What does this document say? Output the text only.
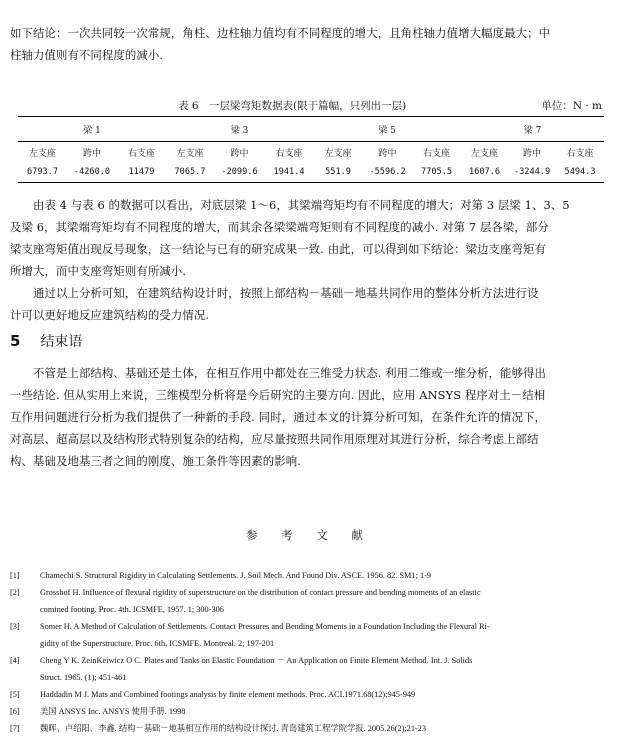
如下结论：一次共同较一次常规，角柱、边柱轴力值均有不同程度的增大，且角柱轴力值增大幅度最大；中
柱轴力值则有不同程度的减小.

表 6　一层梁弯矩数据表(限于篇幅，只列出一层)	单位：N · m
梁 1			梁 3			梁 5			梁 7		
左支座	跨中	右支座	左支座	跨中	右支座	左支座	跨中	右支座	左支座	跨中	右支座
6793.7	-4260.0	11479	7065.7	-2099.6	1941.4	551.9	-5596.2	7705.5	1607.6	-3244.9	5494.3

　　由表 4 与表 6 的数据可以看出，对底层梁 1～6，其梁端弯矩均有不同程度的增大；对第 3 层梁 1、3、5
及梁 6，其梁端弯矩均有不同程度的增大，而其余各梁梁端弯矩则有不同程度的减小. 对第 7 层各梁，部分
梁支座弯矩值出现反号现象，这一结论与已有的研究成果一致. 由此，可以得到如下结论：梁边支座弯矩有
所增大，而中支座弯矩则有所减小.
　　通过以上分析可知，在建筑结构设计时，按照上部结构－基础－地基共同作用的整体分析方法进行设
计可以更好地反应建筑结构的受力情况.

5 结束语

　　不管是上部结构、基础还是土体，在相互作用中都处在三维受力状态. 利用二维或一维分析，能够得出
一些结论. 但从实用上来说，三维模型分析将是今后研究的主要方向. 因此，应用 ANSYS 程序对土－结相
互作用问题进行分析为我们提供了一种新的手段. 同时，通过本文的计算分析可知，在条件允许的情况下，
对高层、超高层以及结构形式特别复杂的结构，应尽量按照共同作用原理对其进行分析，综合考虑上部结
构、基础及地基三者之间的刚度、施工条件等因素的影响.

参 考 文 献
[1] Chamechi S. Structural Rigidity in Calculating Settlements. J. Soil Mech. And Found Div. ASCE. 1956. 82. SM1; 1-9
[2] Grosshof H. Influence of flexural rigidity of superstructure on the distribution of contact pressure and bending moments of an elastic
comined footing. Proc. 4th. ICSMFE, 1957. 1; 300-306
[3] Somer H. A Method of Calculation of Settlements. Contact Pressures and Bending Moments in a Foundation Including the Flexural Ri-
gidity of the Superstructure. Proc. 6th. ICSMFE. Montreal. 2; 197-201
[4] Cheng Y K. ZeinKeiwicz O C. Plates and Tanks on Elastic Foundation － An Application on Finite Element Method. Int. J. Solids
Struct. 1965. (1); 451-461
[5] Haddadin M J. Mats and Combined footings analysis by finite element methods. Proc. ACI.1971.68(12);945-949
[6] 美国 ANSYS Inc. ANSYS 使用手册. 1998
[7] 魏晖、卢绍阳、李鑫. 结构－基础－地基相互作用的结构设计探讨. 青岛建筑工程学院学报. 2005.26(2);21-23
